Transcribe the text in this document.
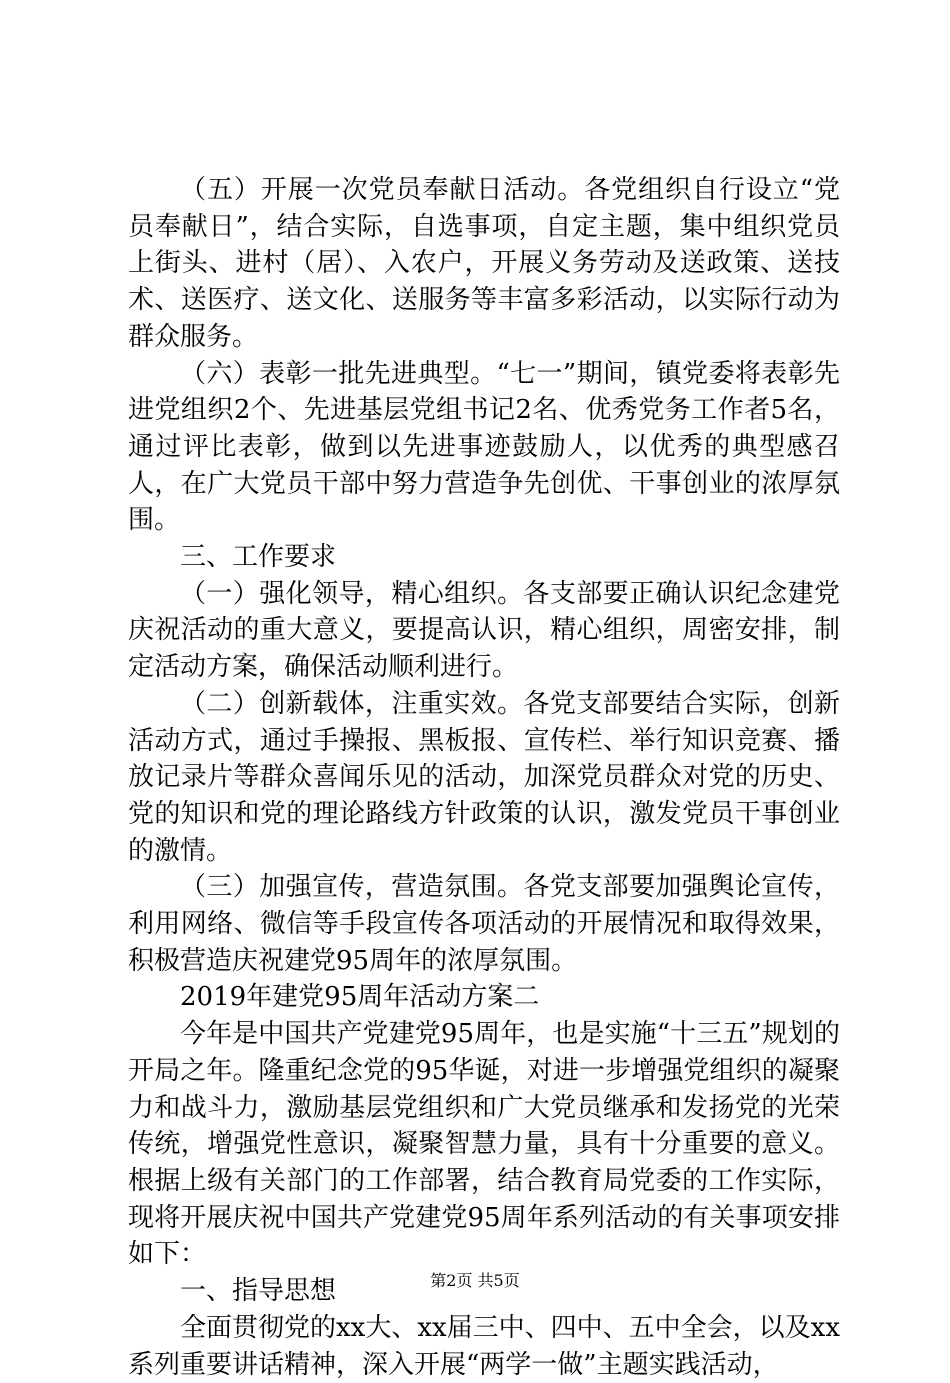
（五）开展一次党员奉献日活动。各党组织自行设立“党员奉献日”，结合实际，自选事项，自定主题，集中组织党员上街头、进村（居）、入农户，开展义务劳动及送政策、送技术、送医疗、送文化、送服务等丰富多彩活动，以实际行动为群众服务。

（六）表彰一批先进典型。“七一”期间，镇党委将表彰先进党组织2个、先进基层党组书记2名、优秀党务工作者5名，通过评比表彰，做到以先进事迹鼓励人，以优秀的典型感召人，在广大党员干部中努力营造争先创优、干事创业的浓厚氛围。

三、工作要求

（一）强化领导，精心组织。各支部要正确认识纪念建党庆祝活动的重大意义，要提高认识，精心组织，周密安排，制定活动方案，确保活动顺利进行。

（二）创新载体，注重实效。各党支部要结合实际，创新活动方式，通过手操报、黑板报、宣传栏、举行知识竞赛、播放记录片等群众喜闻乐见的活动，加深党员群众对党的历史、党的知识和党的理论路线方针政策的认识，激发党员干事创业的激情。

（三）加强宣传，营造氛围。各党支部要加强舆论宣传，利用网络、微信等手段宣传各项活动的开展情况和取得效果，积极营造庆祝建党95周年的浓厚氛围。

2019年建党95周年活动方案二

今年是中国共产党建党95周年，也是实施“十三五”规划的开局之年。隆重纪念党的95华诞，对进一步增强党组织的凝聚力和战斗力，激励基层党组织和广大党员继承和发扬党的光荣传统，增强党性意识，凝聚智慧力量，具有十分重要的意义。根据上级有关部门的工作部署，结合教育局党委的工作实际，现将开展庆祝中国共产党建党95周年系列活动的有关事项安排如下：

一、指导思想

全面贯彻党的xx大、xx届三中、四中、五中全会，以及xx系列重要讲话精神，深入开展“两学一做”主题实践活动，

第2页 共5页
